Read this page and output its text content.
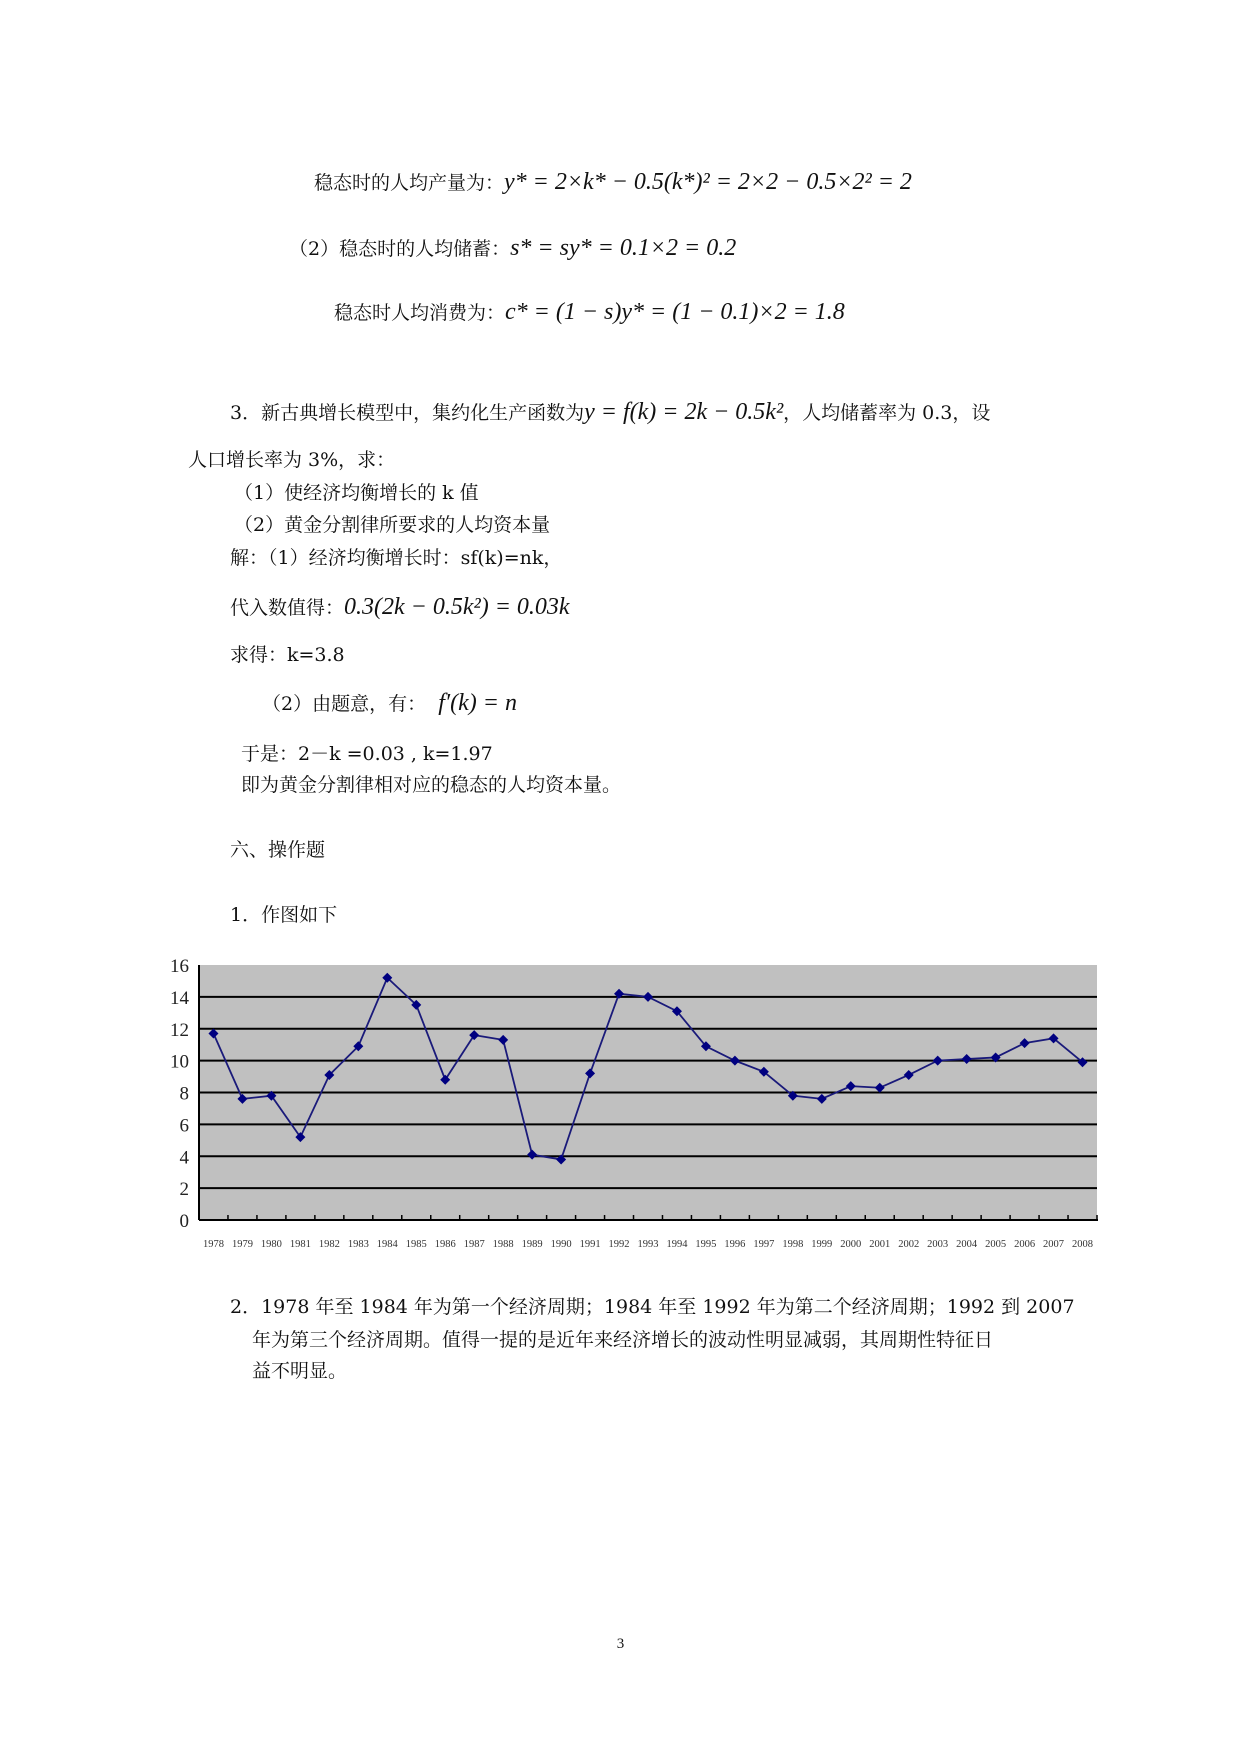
稳态时的人均产量为：y* = 2×k* − 0.5(k*)² = 2×2 − 0.5×2² = 2
（2）稳态时的人均储蓄：s* = sy* = 0.1×2 = 0.2
稳态时人均消费为：c* = (1 − s)y* = (1 − 0.1)×2 = 1.8
3．新古典增长模型中，集约化生产函数为y = f(k) = 2k − 0.5k²，人均储蓄率为 0.3，设
人口增长率为 3%，求：
（1）使经济均衡增长的 k 值
（2）黄金分割律所要求的人均资本量
解：（1）经济均衡增长时：sf(k)=nk，
代入数值得：0.3(2k − 0.5k²) = 0.03k
求得：k=3.8
（2）由题意，有： f′(k) = n
于是：2－k =0.03 , k=1.97
即为黄金分割律相对应的稳态的人均资本量。
六、操作题
1．作图如下
0
2
4
6
8
10
12
14
16
1978 1979 1980 1981 1982 1983 1984 1985 1986 1987 1988 1989 1990 1991 1992 1993 1994 1995 1996 1997 1998 1999 2000 2001 2002 2003 2004 2005 2006 2007 2008
2．1978 年至 1984 年为第一个经济周期；1984 年至 1992 年为第二个经济周期；1992 到 2007
年为第三个经济周期。值得一提的是近年来经济增长的波动性明显减弱，其周期性特征日
益不明显。
3
